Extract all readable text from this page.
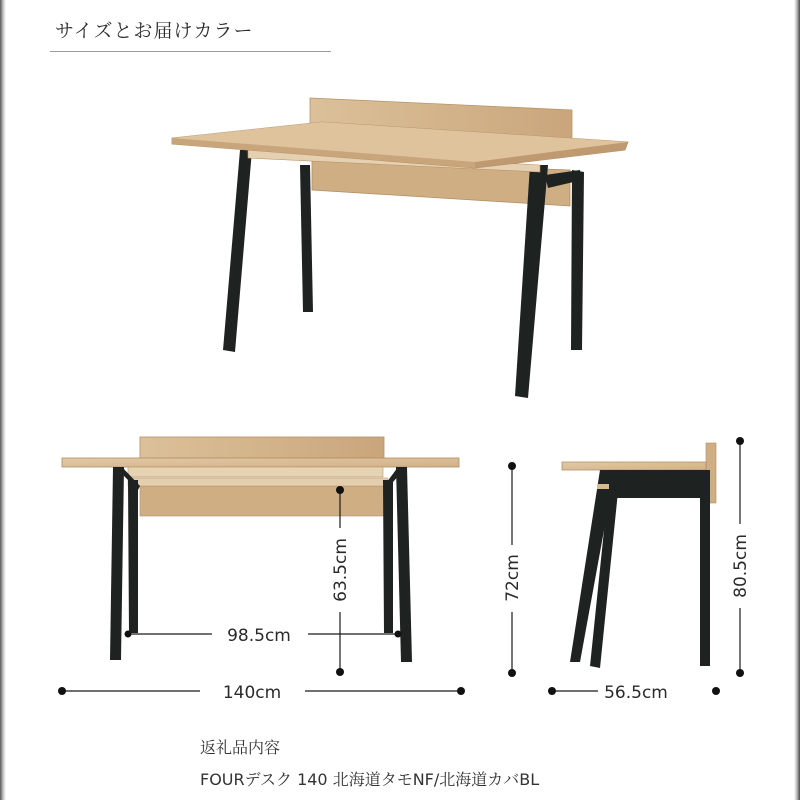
サイズとお届けカラー
98.5cm
63.5cm
140cm
72cm
56.5cm
80.5cm
返礼品内容
FOURデスク 140 北海道タモNF/北海道カバBL
